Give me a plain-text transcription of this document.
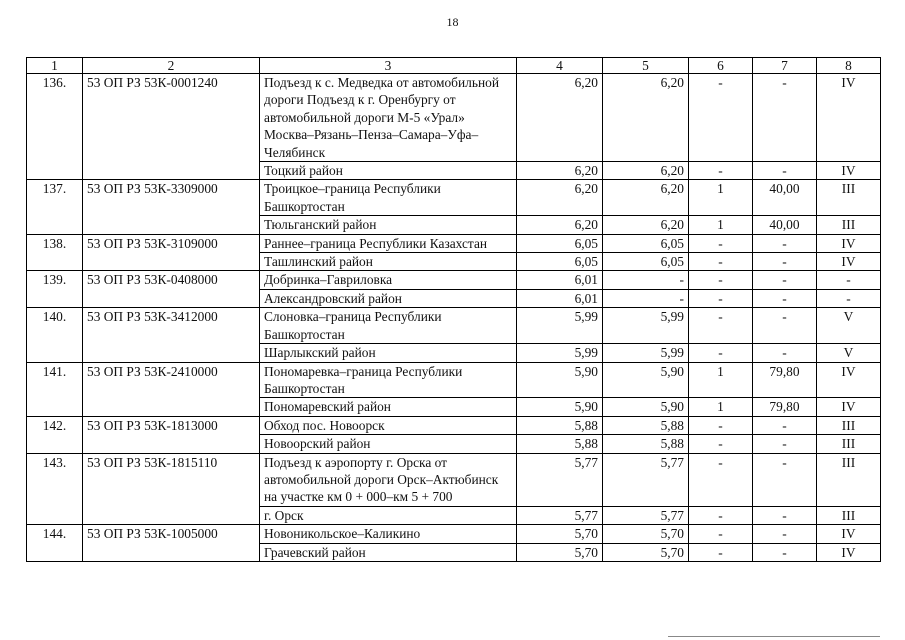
18
1	2	3	4	5	6	7	8
136.	53 ОП РЗ 53К-0001240	Подъезд к с. Медведка от автомобильной дороги Подъезд к г. Оренбургу от автомобильной дороги М-5 «Урал» Москва–Рязань–Пенза–Самара–Уфа–Челябинск	6,20	6,20	-	-	IV
		Тоцкий район	6,20	6,20	-	-	IV
137.	53 ОП РЗ 53К-3309000	Троицкое–граница Республики Башкортостан	6,20	6,20	1	40,00	III
		Тюльганский район	6,20	6,20	1	40,00	III
138.	53 ОП РЗ 53К-3109000	Раннее–граница Республики Казахстан	6,05	6,05	-	-	IV
		Ташлинский район	6,05	6,05	-	-	IV
139.	53 ОП РЗ 53К-0408000	Добринка–Гавриловка	6,01	-	-	-	-
		Александровский район	6,01	-	-	-	-
140.	53 ОП РЗ 53К-3412000	Слоновка–граница Республики Башкортостан	5,99	5,99	-	-	V
		Шарлыкский район	5,99	5,99	-	-	V
141.	53 ОП РЗ 53К-2410000	Пономаревка–граница Республики Башкортостан	5,90	5,90	1	79,80	IV
		Пономаревский район	5,90	5,90	1	79,80	IV
142.	53 ОП РЗ 53К-1813000	Обход пос. Новоорск	5,88	5,88	-	-	III
		Новоорский район	5,88	5,88	-	-	III
143.	53 ОП РЗ 53К-1815110	Подъезд к аэропорту г. Орска от автомобильной дороги Орск–Актюбинск на участке км 0 + 000–км 5 + 700	5,77	5,77	-	-	III
		г. Орск	5,77	5,77	-	-	III
144.	53 ОП РЗ 53К-1005000	Новоникольское–Каликино	5,70	5,70	-	-	IV
		Грачевский район	5,70	5,70	-	-	IV
